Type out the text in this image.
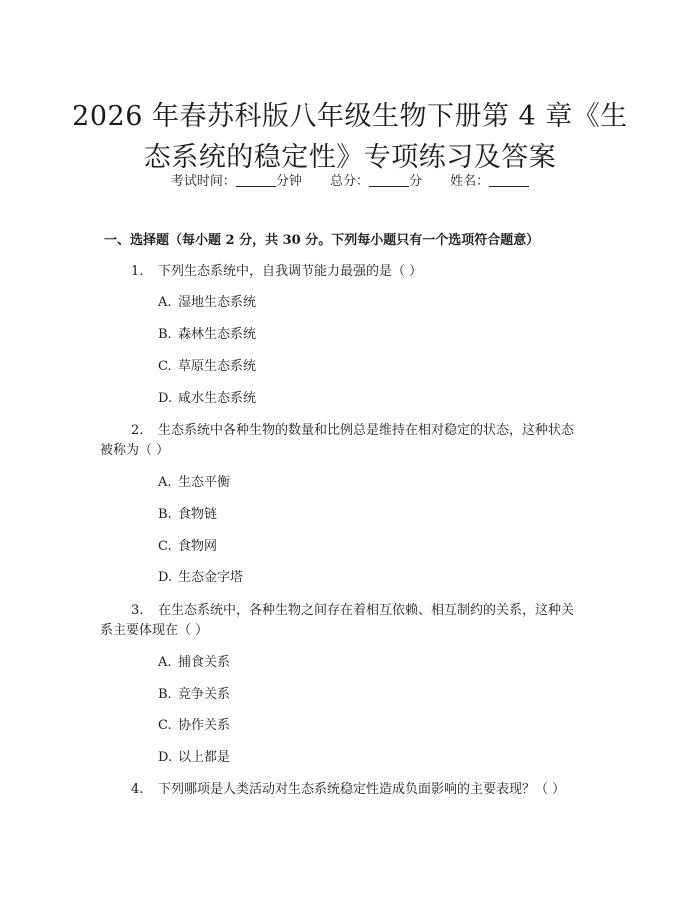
2026 年春苏科版八年级生物下册第 4 章《生
态系统的稳定性》专项练习及答案
考试时间：	分钟 总分：	分 姓名：
一、选择题（每小题 2 分，共 30 分。下列每小题只有一个选项符合题意）
1. 下列生态系统中，自我调节能力最强的是（ ）
A. 湿地生态系统
B. 森林生态系统
C. 草原生态系统
D. 咸水生态系统
2. 生态系统中各种生物的数量和比例总是维持在相对稳定的状态，这种状态
被称为（ ）
A. 生态平衡
B. 食物链
C. 食物网
D. 生态金字塔
3. 在生态系统中，各种生物之间存在着相互依赖、相互制约的关系，这种关
系主要体现在（ ）
A. 捕食关系
B. 竞争关系
C. 协作关系
D. 以上都是
4. 下列哪项是人类活动对生态系统稳定性造成负面影响的主要表现？（ ）
